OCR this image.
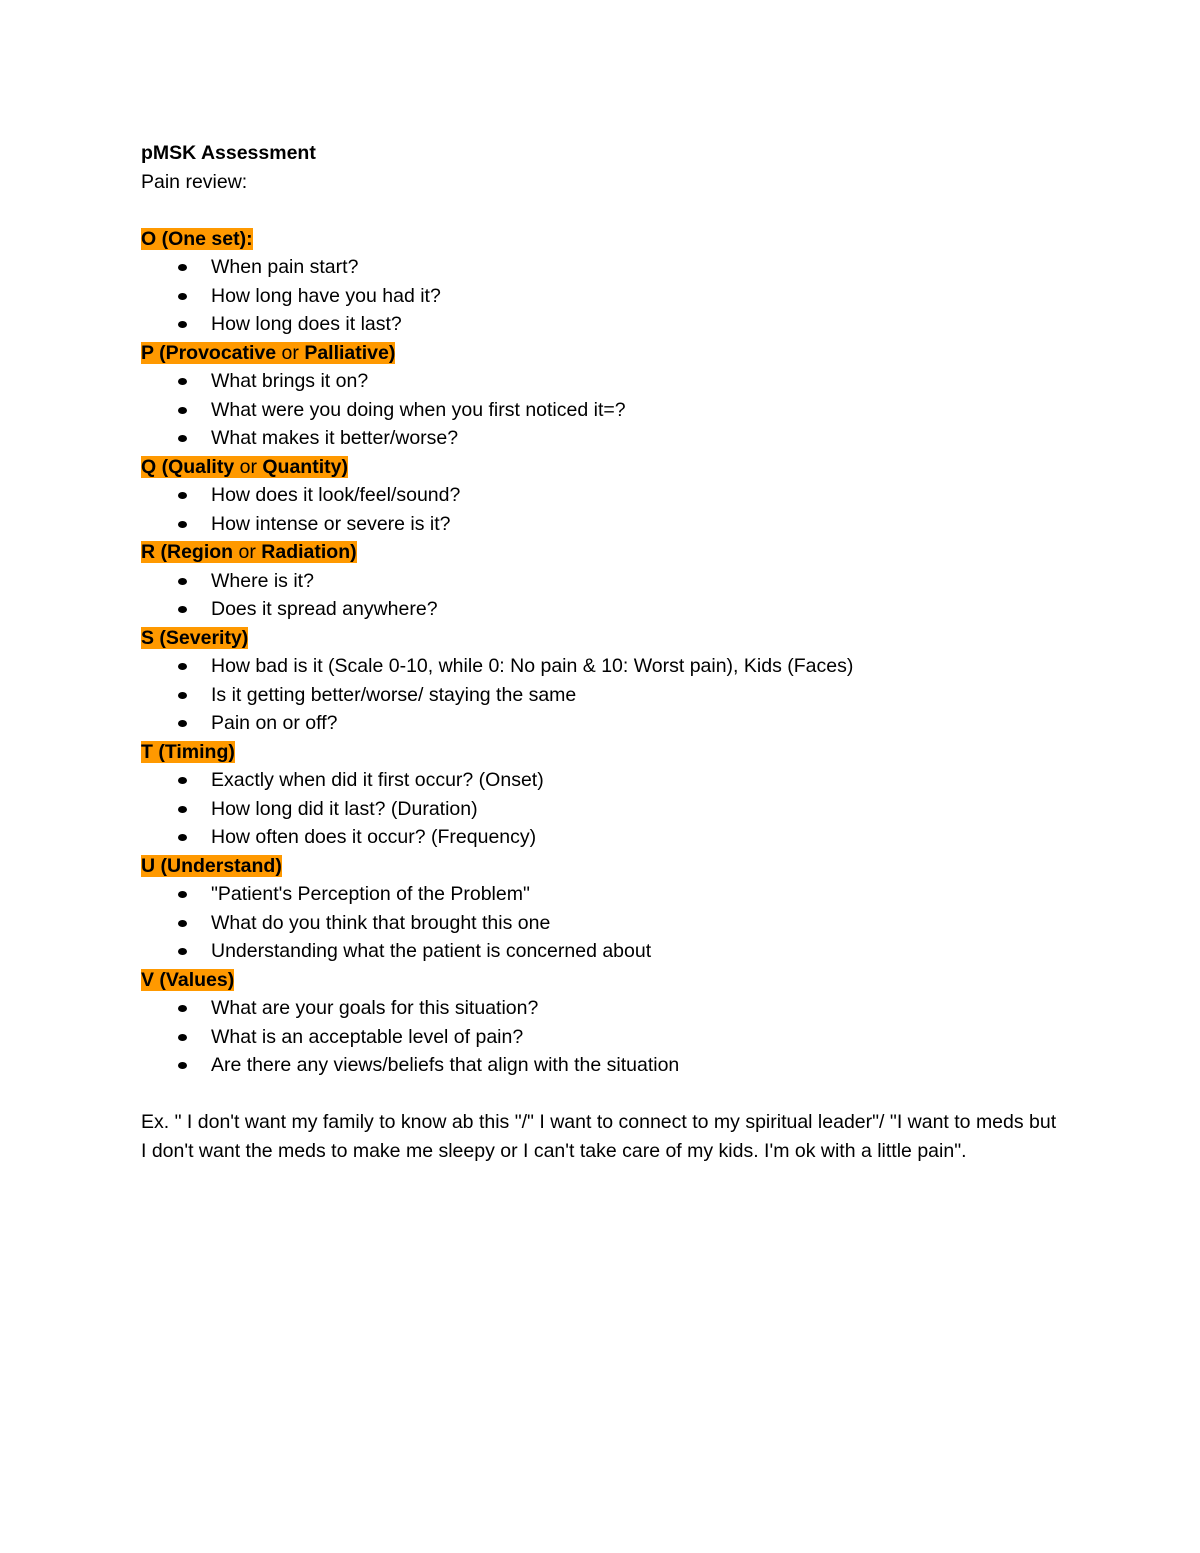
pMSK Assessment
Pain review:
O (One set):
When pain start?
How long have you had it?
How long does it last?
P (Provocative or Palliative)
What brings it on?
What were you doing when you first noticed it=?
What makes it better/worse?
Q (Quality or Quantity)
How does it look/feel/sound?
How intense or severe is it?
R (Region or Radiation)
Where is it?
Does it spread anywhere?
S (Severity)
How bad is it (Scale 0-10, while 0: No pain & 10: Worst pain), Kids (Faces)
Is it getting better/worse/ staying the same
Pain on or off?
T (Timing)
Exactly when did it first occur? (Onset)
How long did it last? (Duration)
How often does it occur? (Frequency)
U (Understand)
"Patient's Perception of the Problem"
What do you think that brought this one
Understanding what the patient is concerned about
V (Values)
What are your goals for this situation?
What is an acceptable level of pain?
Are there any views/beliefs that align with the situation
Ex. " I don't want my family to know ab this "/" I want to connect to my spiritual leader"/ "I want to meds but I don't want the meds to make me sleepy or I can't take care of my kids. I'm ok with a little pain".
